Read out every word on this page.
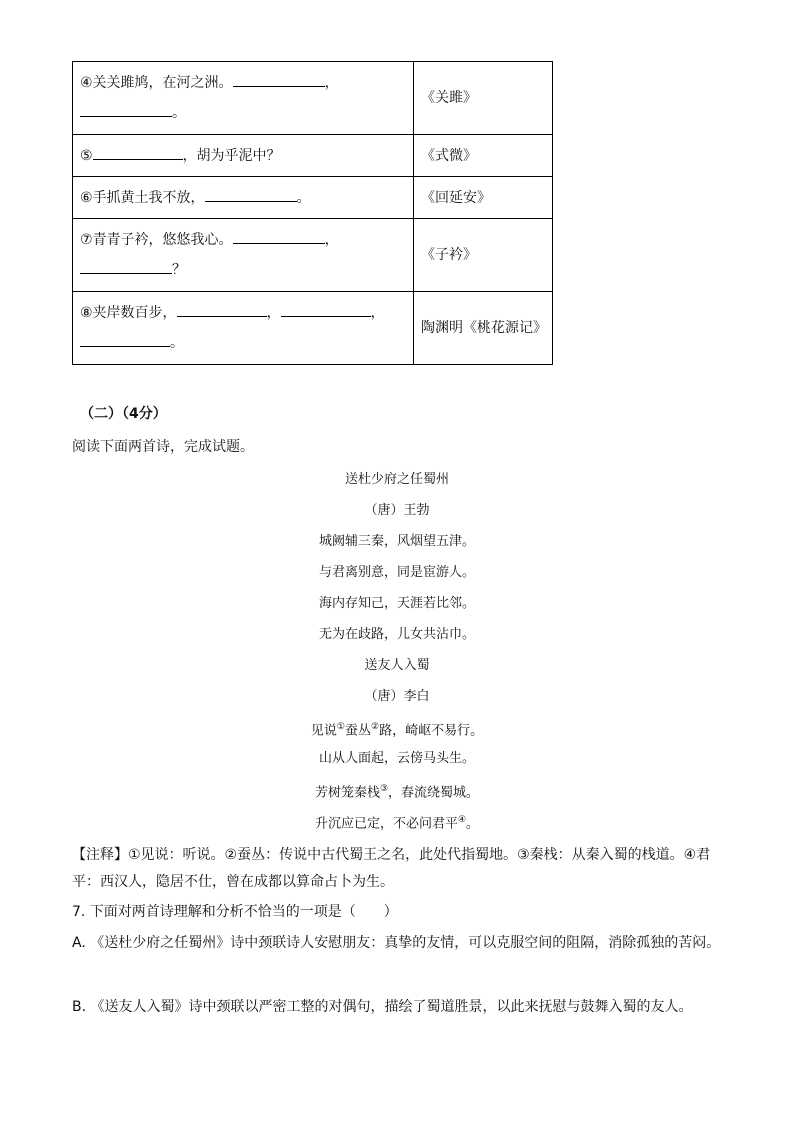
④关关雎鸠，在河之洲。 ，
。	《关雎》
⑤ ，胡为乎泥中？	《式微》
⑥手抓黄土我不放， 。	《回延安》

⑦青青子衿，悠悠我心。 ，
？	《子衿》

⑧夹岸数百步， ， ，
。	陶渊明《桃花源记》
（二）（4分）
阅读下面两首诗，完成试题。
送杜少府之任蜀州
（唐）王勃
城阙辅三秦，风烟望五津。
与君离别意，同是宦游人。
海内存知己，天涯若比邻。
无为在歧路，儿女共沾巾。
送友人入蜀
（唐）李白
见说①蚕丛②路，崎岖不易行。
山从人面起，云傍马头生。
芳树笼秦栈③，春流绕蜀城。
升沉应已定，不必问君平④。
【注释】①见说：听说。②蚕丛：传说中古代蜀王之名，此处代指蜀地。③秦栈：从秦入蜀的栈道。④君平：西汉人，隐居不仕，曾在成都以算命占卜为生。
7. 下面对两首诗理解和分析不恰当的一项是（　　）
A. 《送杜少府之任蜀州》诗中颈联诗人安慰朋友：真挚的友情，可以克服空间的阻隔，消除孤独的苦闷。
B. 《送友人入蜀》诗中颈联以严密工整的对偶句，描绘了蜀道胜景，以此来抚慰与鼓舞入蜀的友人。
